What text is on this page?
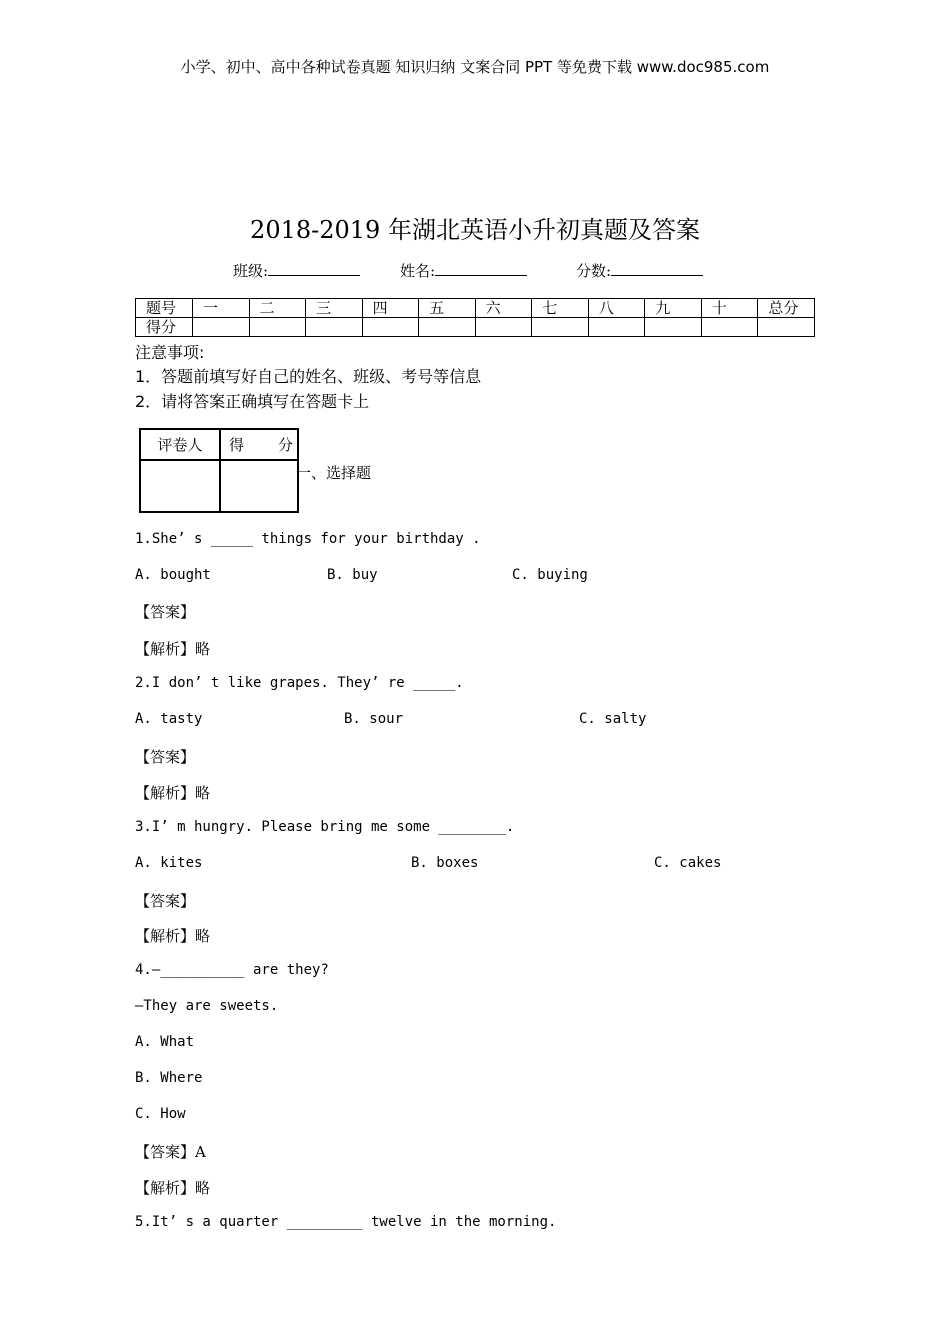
小学、初中、高中各种试卷真题 知识归纳 文案合同 PPT 等免费下载 www.doc985.com
2018-2019 年湖北英语小升初真题及答案
班级:	姓名:	分数:
题号	一	二	三	四	五	六	七	八	九	十	总分
得分											
注意事项:
1．答题前填写好自己的姓名、班级、考号等信息
2．请将答案正确填写在答题卡上
评卷人	得 分

一、选择题
1.She’ s _____ things for your birthday .
A. bought	B. buy	C. buying
【答案】
【解析】略
2.I don’ t like grapes. They’ re _____.
A. tasty	B. sour	C. salty
【答案】
【解析】略
3.I’ m hungry. Please bring me some ________.
A. kites	B. boxes	C. cakes
【答案】
【解析】略
4.—__________ are they?
—They are sweets.
A. What
B. Where
C. How
【答案】A
【解析】略
5.It’ s a quarter _________ twelve in the morning.
